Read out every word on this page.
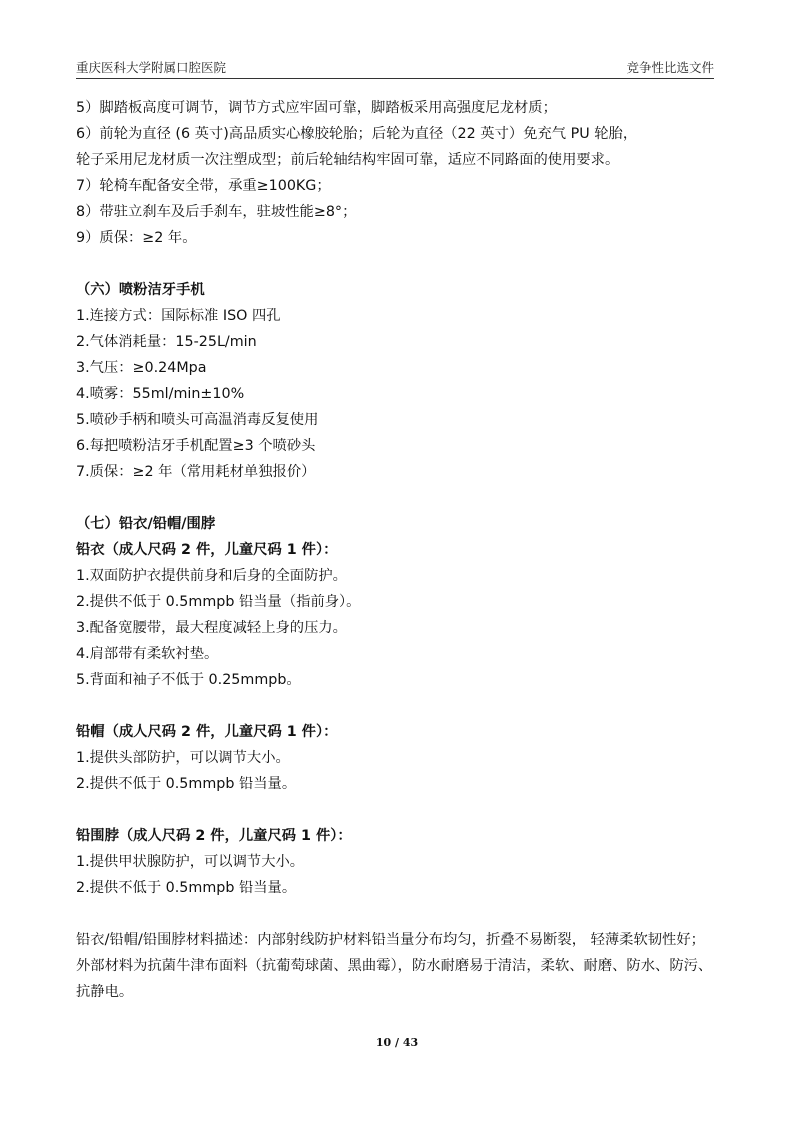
重庆医科大学附属口腔医院	竞争性比选文件

5）脚踏板高度可调节，调节方式应牢固可靠，脚踏板采用高强度尼龙材质；

6）前轮为直径 (6 英寸)高品质实心橡胶轮胎；后轮为直径（22 英寸）免充气 PU 轮胎，

轮子采用尼龙材质一次注塑成型；前后轮轴结构牢固可靠，适应不同路面的使用要求。

7）轮椅车配备安全带，承重≥100KG；

8）带驻立刹车及后手刹车，驻坡性能≥8°；

9）质保：≥2 年。

（六）喷粉洁牙手机

1.连接方式：国际标准 ISO 四孔

2.气体消耗量：15-25L/min

3.气压：≥0.24Mpa

4.喷雾：55ml/min±10%

5.喷砂手柄和喷头可高温消毒反复使用

6.每把喷粉洁牙手机配置≥3 个喷砂头

7.质保：≥2 年（常用耗材单独报价）

（七）铅衣/铅帽/围脖

铅衣（成人尺码 2 件，儿童尺码 1 件）：

1.双面防护衣提供前身和后身的全面防护。

2.提供不低于 0.5mmpb 铅当量（指前身）。

3.配备宽腰带，最大程度减轻上身的压力。

4.肩部带有柔软衬垫。

5.背面和袖子不低于 0.25mmpb。

铅帽（成人尺码 2 件，儿童尺码 1 件）：

1.提供头部防护，可以调节大小。

2.提供不低于 0.5mmpb 铅当量。

铅围脖（成人尺码 2 件，儿童尺码 1 件）：

1.提供甲状腺防护，可以调节大小。

2.提供不低于 0.5mmpb 铅当量。

铅衣/铅帽/铅围脖材料描述：内部射线防护材料铅当量分布均匀，折叠不易断裂， 轻薄柔软韧性好；外部材料为抗菌牛津布面料（抗葡萄球菌、黑曲霉），防水耐磨易于清洁，柔软、耐磨、防水、防污、抗静电。

10 / 43
